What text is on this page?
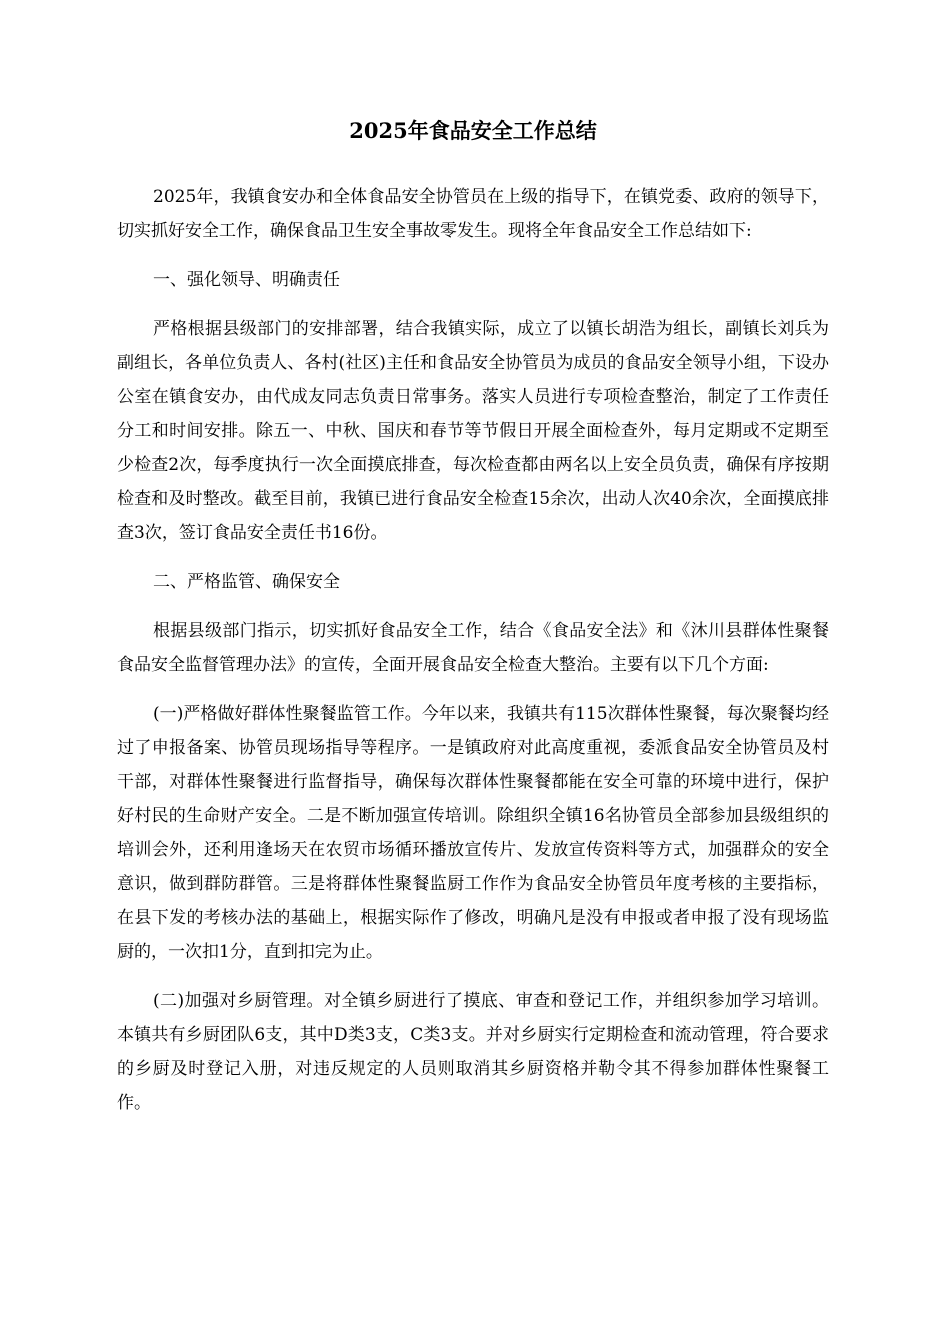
2025年食品安全工作总结

2025年，我镇食安办和全体食品安全协管员在上级的指导下，在镇党委、政府的领导下，切实抓好安全工作，确保食品卫生安全事故零发生。现将全年食品安全工作总结如下:

一、强化领导、明确责任

严格根据县级部门的安排部署，结合我镇实际，成立了以镇长胡浩为组长，副镇长刘兵为副组长，各单位负责人、各村(社区)主任和食品安全协管员为成员的食品安全领导小组，下设办公室在镇食安办，由代成友同志负责日常事务。落实人员进行专项检查整治，制定了工作责任分工和时间安排。除五一、中秋、国庆和春节等节假日开展全面检查外，每月定期或不定期至少检查2次，每季度执行一次全面摸底排查，每次检查都由两名以上安全员负责，确保有序按期检查和及时整改。截至目前，我镇已进行食品安全检查15余次，出动人次40余次，全面摸底排查3次，签订食品安全责任书16份。

二、严格监管、确保安全

根据县级部门指示，切实抓好食品安全工作，结合《食品安全法》和《沐川县群体性聚餐食品安全监督管理办法》的宣传，全面开展食品安全检查大整治。主要有以下几个方面:

(一)严格做好群体性聚餐监管工作。今年以来，我镇共有115次群体性聚餐，每次聚餐均经过了申报备案、协管员现场指导等程序。一是镇政府对此高度重视，委派食品安全协管员及村干部，对群体性聚餐进行监督指导，确保每次群体性聚餐都能在安全可靠的环境中进行，保护好村民的生命财产安全。二是不断加强宣传培训。除组织全镇16名协管员全部参加县级组织的培训会外，还利用逢场天在农贸市场循环播放宣传片、发放宣传资料等方式，加强群众的安全意识，做到群防群管。三是将群体性聚餐监厨工作作为食品安全协管员年度考核的主要指标，在县下发的考核办法的基础上，根据实际作了修改，明确凡是没有申报或者申报了没有现场监厨的，一次扣1分，直到扣完为止。

(二)加强对乡厨管理。对全镇乡厨进行了摸底、审查和登记工作，并组织参加学习培训。本镇共有乡厨团队6支，其中D类3支，C类3支。并对乡厨实行定期检查和流动管理，符合要求的乡厨及时登记入册，对违反规定的人员则取消其乡厨资格并勒令其不得参加群体性聚餐工作。
